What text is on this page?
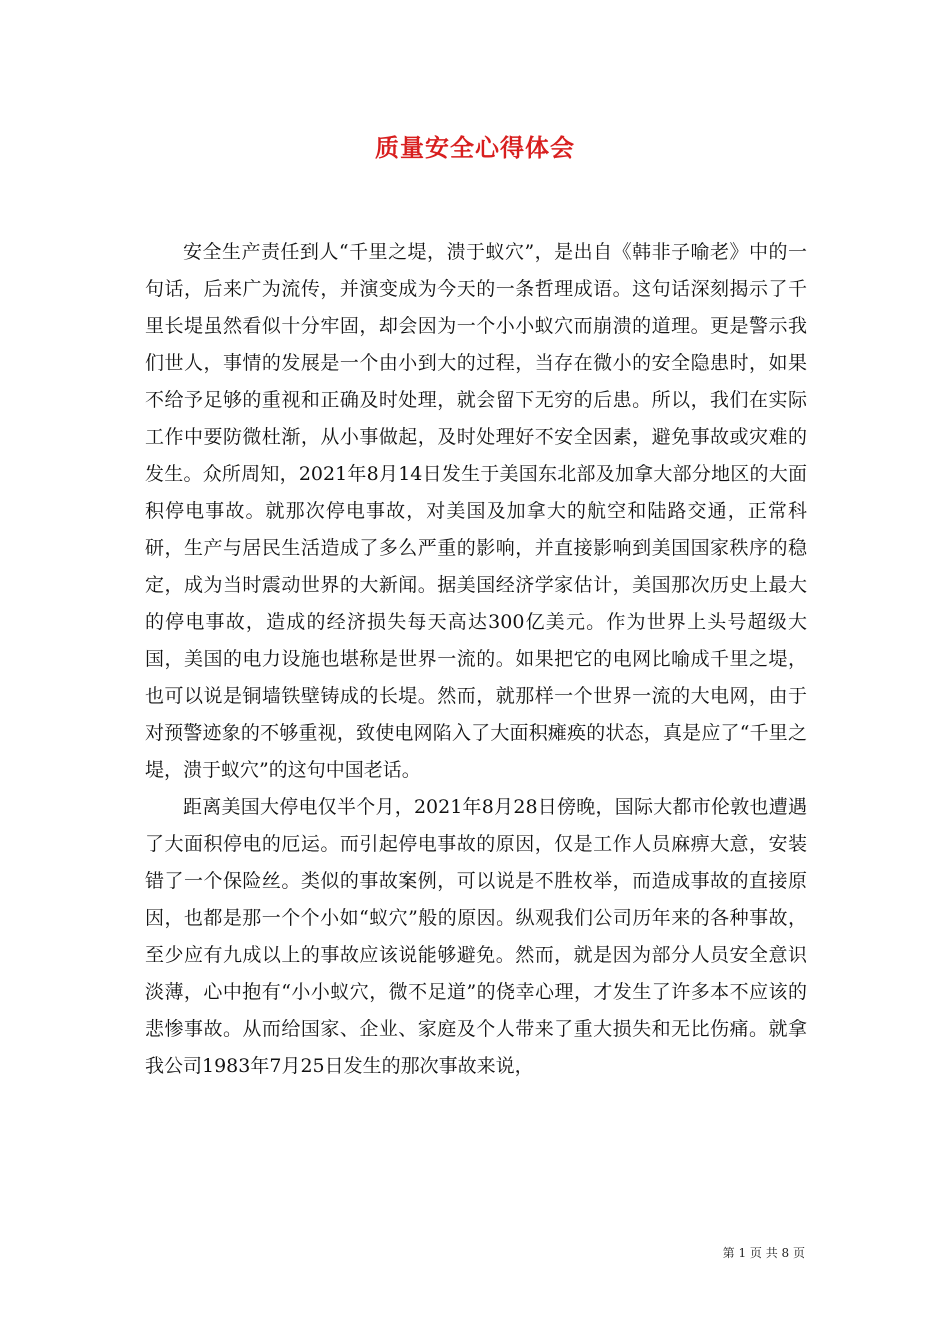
质量安全心得体会

安全生产责任到人“千里之堤，溃于蚁穴”，是出自《韩非子喻老》中的一句话，后来广为流传，并演变成为今天的一条哲理成语。这句话深刻揭示了千里长堤虽然看似十分牢固，却会因为一个小小蚁穴而崩溃的道理。更是警示我们世人，事情的发展是一个由小到大的过程，当存在微小的安全隐患时，如果不给予足够的重视和正确及时处理，就会留下无穷的后患。所以，我们在实际工作中要防微杜渐，从小事做起，及时处理好不安全因素，避免事故或灾难的发生。众所周知，2021年8月14日发生于美国东北部及加拿大部分地区的大面积停电事故。就那次停电事故，对美国及加拿大的航空和陆路交通，正常科研，生产与居民生活造成了多么严重的影响，并直接影响到美国国家秩序的稳定，成为当时震动世界的大新闻。据美国经济学家估计，美国那次历史上最大的停电事故，造成的经济损失每天高达300亿美元。作为世界上头号超级大国，美国的电力设施也堪称是世界一流的。如果把它的电网比喻成千里之堤，也可以说是铜墙铁壁铸成的长堤。然而，就那样一个世界一流的大电网，由于对预警迹象的不够重视，致使电网陷入了大面积瘫痪的状态，真是应了“千里之堤，溃于蚁穴”的这句中国老话。

距离美国大停电仅半个月，2021年8月28日傍晚，国际大都市伦敦也遭遇了大面积停电的厄运。而引起停电事故的原因，仅是工作人员麻痹大意，安装错了一个保险丝。类似的事故案例，可以说是不胜枚举，而造成事故的直接原因，也都是那一个个小如“蚁穴”般的原因。纵观我们公司历年来的各种事故，至少应有九成以上的事故应该说能够避免。然而，就是因为部分人员安全意识淡薄，心中抱有“小小蚁穴，微不足道”的侥幸心理，才发生了许多本不应该的悲惨事故。从而给国家、企业、家庭及个人带来了重大损失和无比伤痛。就拿我公司1983年7月25日发生的那次事故来说，

第 1 页 共 8 页
